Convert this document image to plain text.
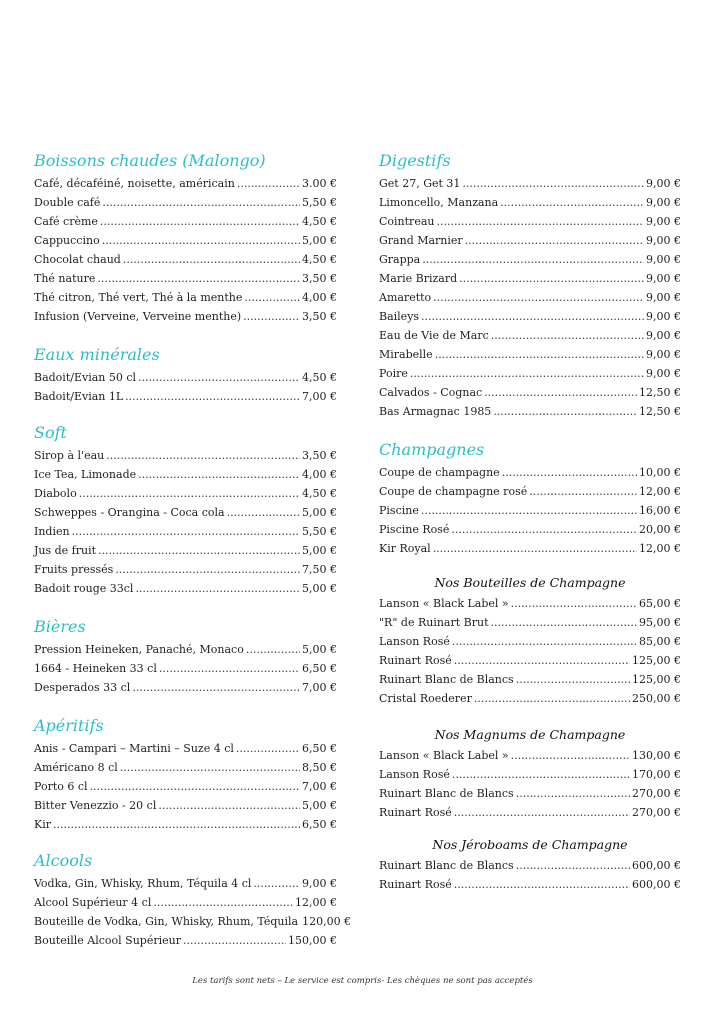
Boissons chaudes (Malongo)
Café, décaféiné, noisette, américain .....	3.00 €
Double café .....	5,50 €
Café crème .....	4,50 €
Cappuccino .....	5,00 €
Chocolat chaud .....	4,50 €
Thé nature .....	3,50 €
Thé citron, Thé vert, Thé à la menthe .....	4,00 €
Infusion (Verveine, Verveine menthe) .....	3,50 €
Eaux minérales
Badoit/Evian 50 cl .....	4,50 €
Badoit/Evian 1L .....	7,00 €
Soft
Sirop à l'eau .....	3,50 €
Ice Tea, Limonade .....	4,00 €
Diabolo .....	4,50 €
Schweppes - Orangina - Coca cola .....	5,00 €
Indien .....	5,50 €
Jus de fruit .....	5,00 €
Fruits pressés .....	7,50 €
Badoit rouge 33cl .....	5,00 €
Bières
Pression Heineken, Panaché, Monaco .....	5,00 €
1664 - Heineken 33 cl .....	6,50 €
Desperados 33 cl .....	7,00 €
Apéritifs
Anis - Campari – Martini – Suze 4 cl .....	6,50 €
Américano 8 cl .....	8,50 €
Porto 6 cl .....	7,00 €
Bitter Venezzio - 20 cl .....	5,00 €
Kir .....	6,50 €
Alcools
Vodka, Gin, Whisky, Rhum, Téquila 4 cl .....	9,00 €
Alcool Supérieur 4 cl .....	12,00 €
Bouteille de Vodka, Gin, Whisky, Rhum, Téquila 120,00 €
Bouteille Alcool Supérieur .....	150,00 €
Digestifs
Get 27, Get 31 .....	9,00 €
Limoncello, Manzana .....	9,00 €
Cointreau .....	9,00 €
Grand Marnier .....	9,00 €
Grappa .....	9,00 €
Marie Brizard .....	9,00 €
Amaretto .....	9,00 €
Baileys .....	9,00 €
Eau de Vie de Marc .....	9,00 €
Mirabelle .....	9,00 €
Poire .....	9,00 €
Calvados - Cognac .....	12,50 €
Bas Armagnac 1985 .....	12,50 €
Champagnes
Coupe de champagne .....	10,00 €
Coupe de champagne rosé .....	12,00 €
Piscine .....	16,00 €
Piscine Rosé .....	20,00 €
Kir Royal .....	12,00 €
Nos Bouteilles de Champagne
Lanson « Black Label » .....	65,00 €
"R" de Ruinart Brut .....	95,00 €
Lanson Rosé .....	85,00 €
Ruinart Rosé .....	125,00 €
Ruinart Blanc de Blancs .....	125,00 €
Cristal Roederer .....	250,00 €
Nos Magnums de Champagne
Lanson « Black Label » .....	130,00 €
Lanson Rosé .....	170,00 €
Ruinart Blanc de Blancs .....	270,00 €
Ruinart Rosé .....	270,00 €
Nos Jéroboams de Champagne
Ruinart Blanc de Blancs .....	600,00 €
Ruinart Rosé .....	600,00 €
Les tarifs sont nets – Le service est compris- Les chèques ne sont pas acceptés
